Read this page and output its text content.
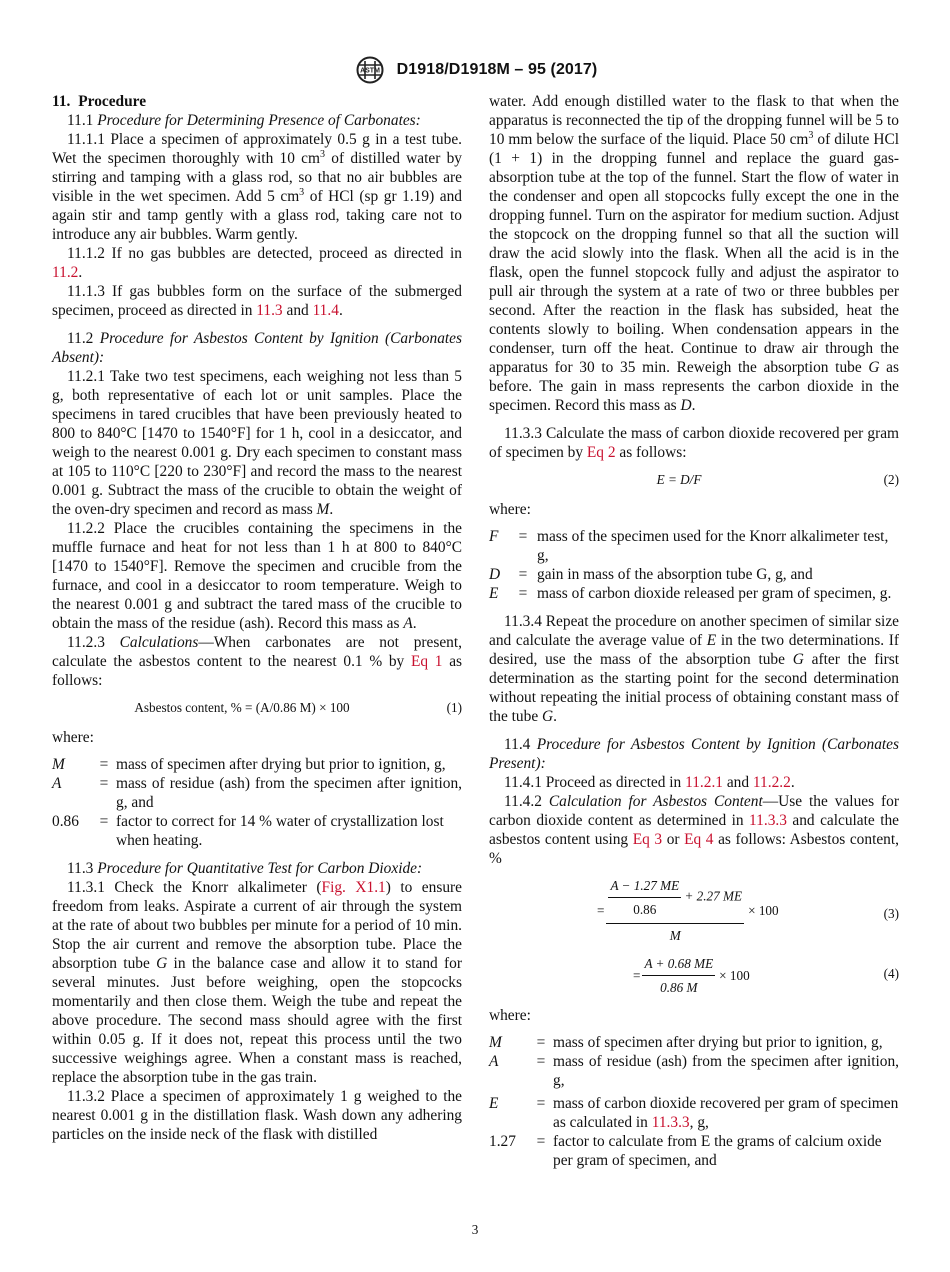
ASTM D1918/D1918M – 95 (2017)

11. Procedure

11.1 Procedure for Determining Presence of Carbonates:

11.1.1 Place a specimen of approximately 0.5 g in a test tube. Wet the specimen thoroughly with 10 $cm^3$ of distilled water by stirring and tamping with a glass rod, so that no air bubbles are visible in the wet specimen. Add 5 $cm^3$ of HCl (sp gr 1.19) and again stir and tamp gently with a glass rod, taking care not to introduce any air bubbles. Warm gently.

11.1.2 If no gas bubbles are detected, proceed as directed in 11.2.

11.1.3 If gas bubbles form on the surface of the submerged specimen, proceed as directed in 11.3 and 11.4.

11.2 Procedure for Asbestos Content by Ignition (Carbonates Absent):

11.2.1 Take two test specimens, each weighing not less than 5 g, both representative of each lot or unit samples. Place the specimens in tared crucibles that have been previously heated to 800 to 840°C [1470 to 1540°F] for 1 h, cool in a desiccator, and weigh to the nearest 0.001 g. Dry each specimen to constant mass at 105 to 110°C [220 to 230°F] and record the mass to the nearest 0.001 g. Subtract the mass of the crucible to obtain the weight of the oven-dry specimen and record as mass M.

11.2.2 Place the crucibles containing the specimens in the muffle furnace and heat for not less than 1 h at 800 to 840°C [1470 to 1540°F]. Remove the specimen and crucible from the furnace, and cool in a desiccator to room temperature. Weigh to the nearest 0.001 g and subtract the tared mass of the crucible to obtain the mass of the residue (ash). Record this mass as A.

11.2.3 Calculations—When carbonates are not present, calculate the asbestos content to the nearest 0.1 % by Eq 1 as follows:

Asbestos content, % = (A/0.86 M) × 100	(1)

where:

M	= mass of specimen after drying but prior to ignition, g,
A	= mass of residue (ash) from the specimen after ignition, g, and
0.86	= factor to correct for 14 % water of crystallization lost when heating.

11.3 Procedure for Quantitative Test for Carbon Dioxide:

11.3.1 Check the Knorr alkalimeter (Fig. X1.1) to ensure freedom from leaks. Aspirate a current of air through the system at the rate of about two bubbles per minute for a period of 10 min. Stop the air current and remove the absorption tube. Place the absorption tube G in the balance case and allow it to stand for several minutes. Just before weighing, open the stopcocks momentarily and then close them. Weigh the tube and repeat the above procedure. The second mass should agree with the first within 0.05 g. If it does not, repeat this process until the two successive weighings agree. When a constant mass is reached, replace the absorption tube in the gas train.

11.3.2 Place a specimen of approximately 1 g weighed to the nearest 0.001 g in the distillation flask. Wash down any adhering particles on the inside neck of the flask with distilled

water. Add enough distilled water to the flask to that when the apparatus is reconnected the tip of the dropping funnel will be 5 to 10 mm below the surface of the liquid. Place 50 $cm^3$ of dilute HCl (1 + 1) in the dropping funnel and replace the guard gas-absorption tube at the top of the funnel. Start the flow of water in the condenser and open all stopcocks fully except the one in the dropping funnel. Turn on the aspirator for medium suction. Adjust the stopcock on the dropping funnel so that all the suction will draw the acid slowly into the flask. When all the acid is in the flask, open the funnel stopcock fully and adjust the aspirator to pull air through the system at a rate of two or three bubbles per second. After the reaction in the flask has subsided, heat the contents slowly to boiling. When condensation appears in the condenser, turn off the heat. Continue to draw air through the apparatus for 30 to 35 min. Reweigh the absorption tube G as before. The gain in mass represents the carbon dioxide in the specimen. Record this mass as D.

11.3.3 Calculate the mass of carbon dioxide recovered per gram of specimen by Eq 2 as follows:

E = D/F	(2)

where:

F	= mass of the specimen used for the Knorr alkalimeter test, g,
D	= gain in mass of the absorption tube G, g, and
E	= mass of carbon dioxide released per gram of specimen, g.

11.3.4 Repeat the procedure on another specimen of similar size and calculate the average value of E in the two determinations. If desired, use the mass of the absorption tube G after the first determination as the starting point for the second determination without repeating the initial process of obtaining constant mass of the tube G.

11.4 Procedure for Asbestos Content by Ignition (Carbonates Present):

11.4.1 Proceed as directed in 11.2.1 and 11.2.2.

11.4.2 Calculation for Asbestos Content—Use the values for carbon dioxide content as determined in 11.3.3 and calculate the asbestos content using Eq 3 or Eq 4 as follows: Asbestos content, %

= $\frac{A - 1.27 ME}{0.86} + 2.27$ ME
M
× 100	(3)
= $\frac{A + 0.68 ME}{0.86 M} \times 100$	(4)

where:

M	= mass of specimen after drying but prior to ignition, g,
A	= mass of residue (ash) from the specimen after ignition, g,
E	= mass of carbon dioxide recovered per gram of specimen as calculated in 11.3.3, g,
1.27	= factor to calculate from E the grams of calcium oxide per gram of specimen, and
3
